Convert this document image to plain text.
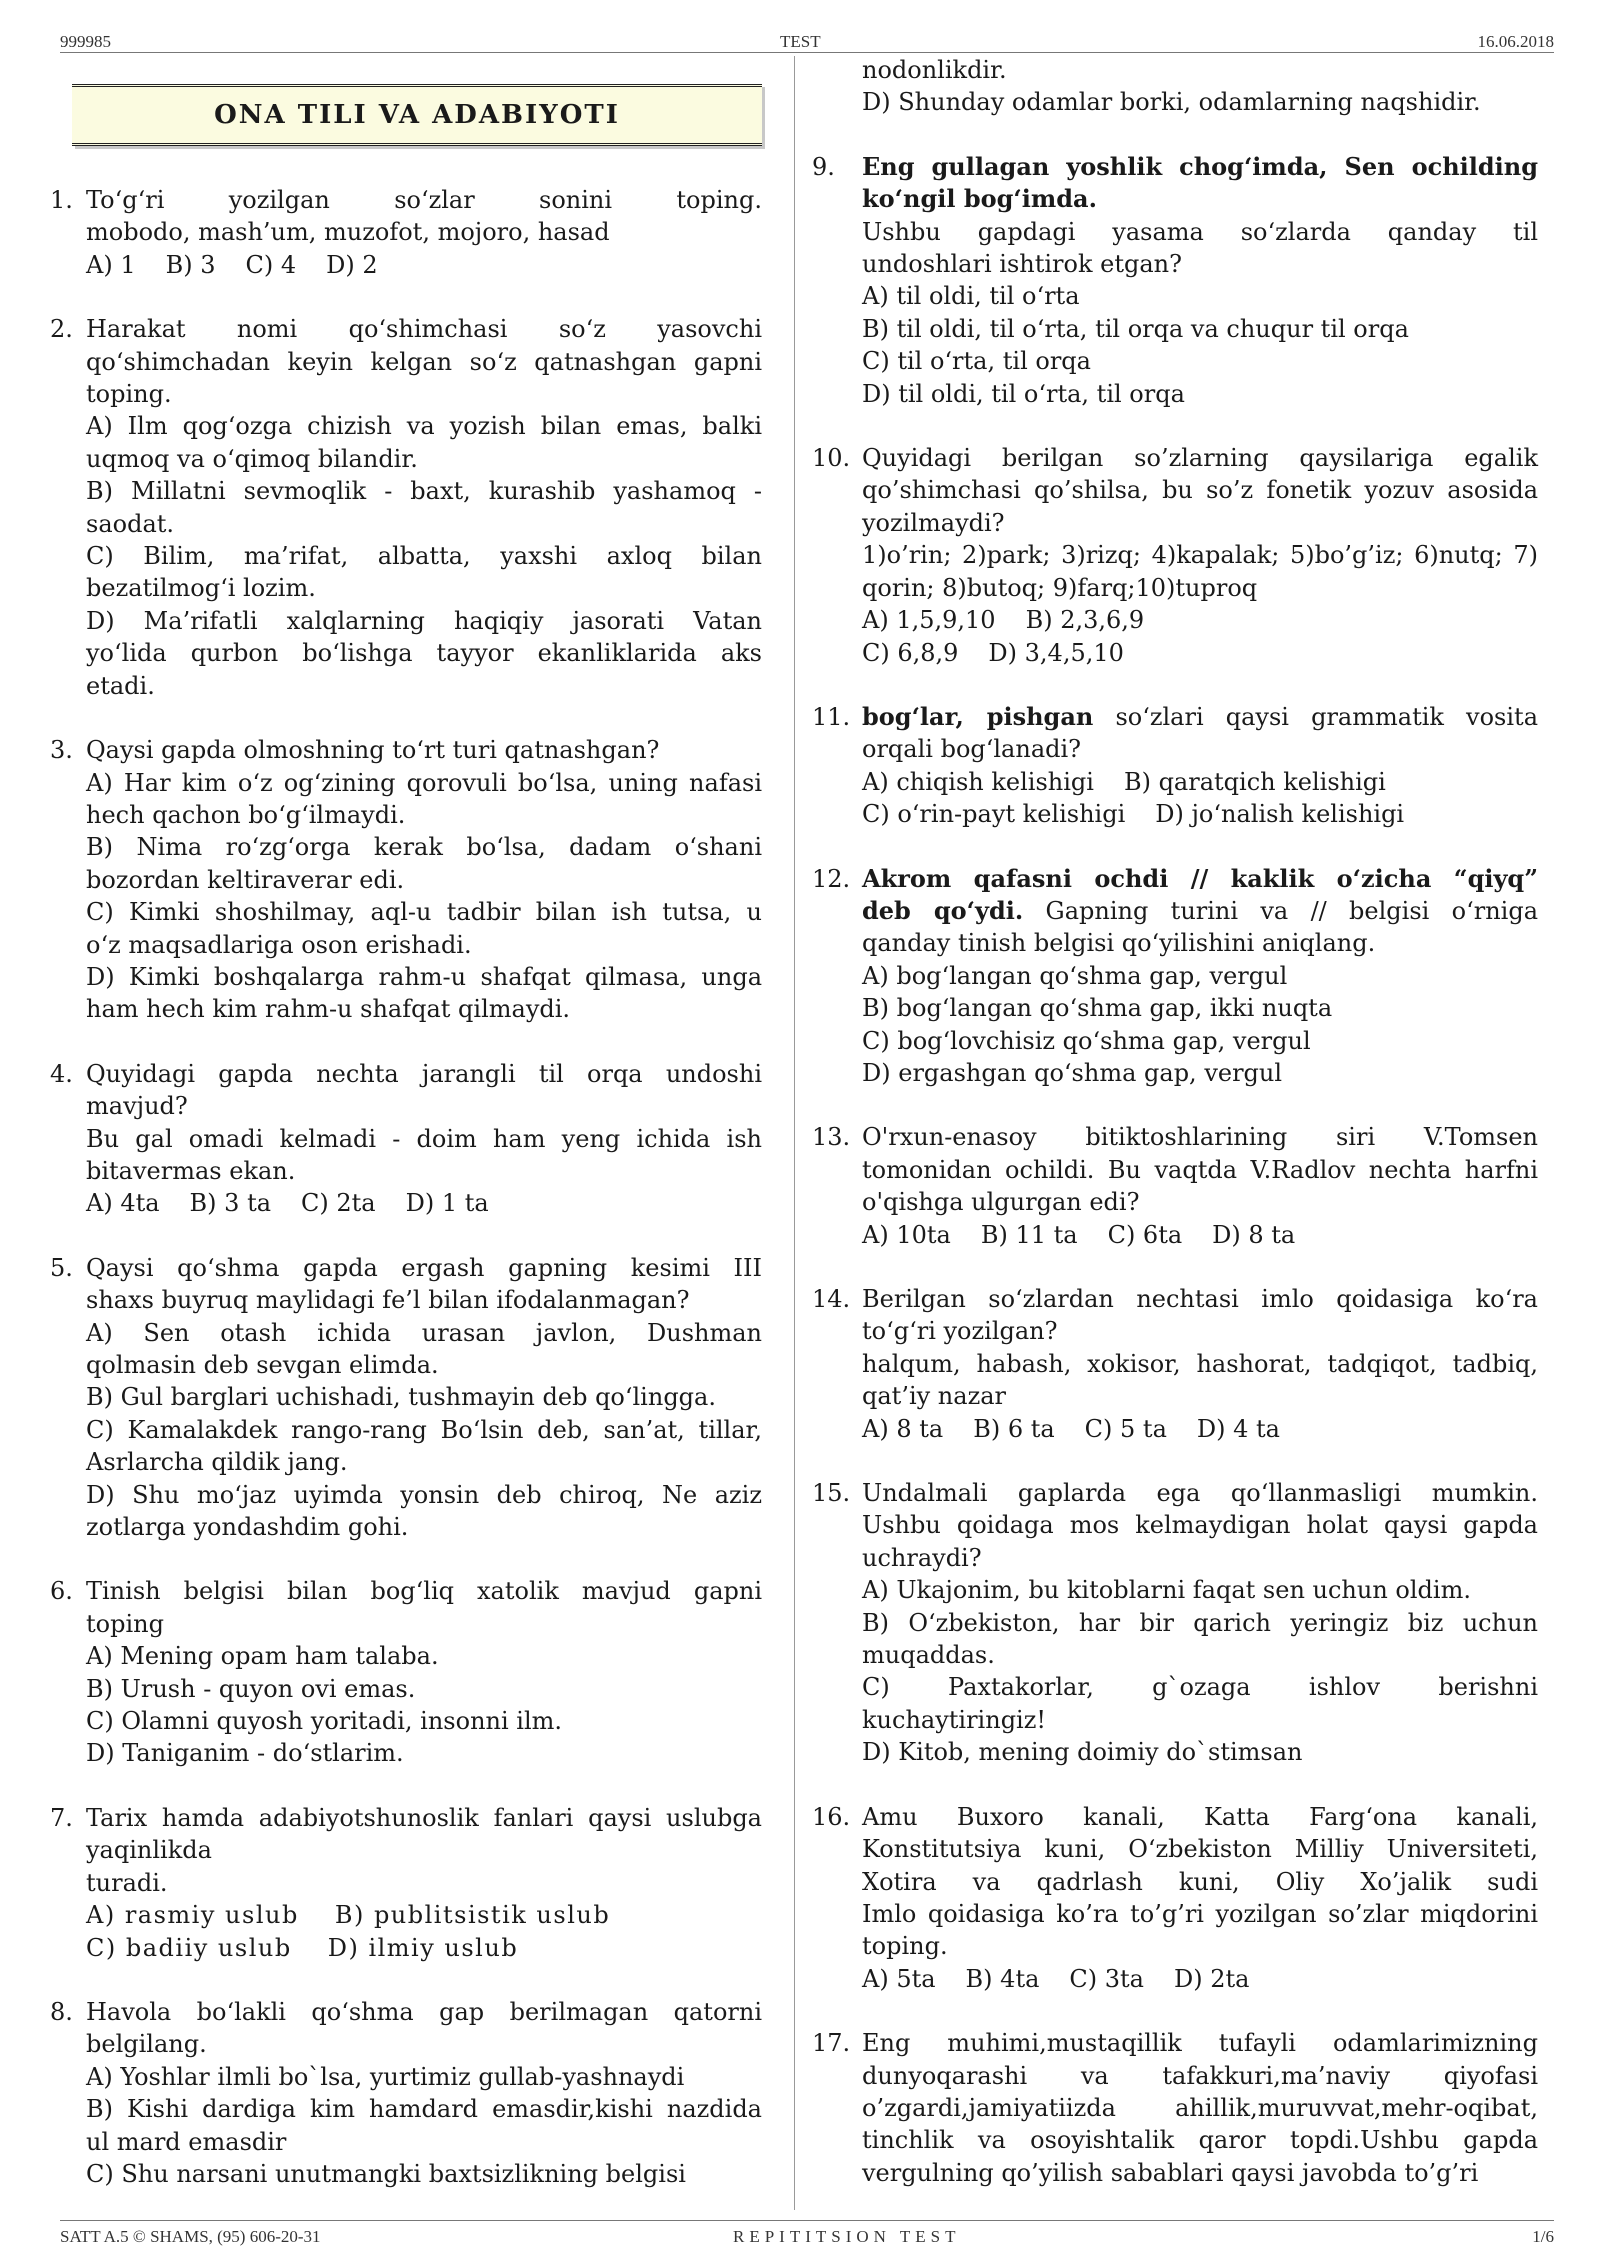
999985	TEST	16.06.2018
ONA TILI VA ADABIYOTI
1. To‘g‘ri yozilgan so‘zlar sonini toping.
mobodo, mash’um, muzofot, mojoro, hasad
A) 1 B) 3 C) 4 D) 2
2. Harakat nomi qo‘shimchasi so‘z yasovchi
qo‘shimchadan keyin kelgan so‘z qatnashgan gapni
toping.
A) Ilm qog‘ozga chizish va yozish bilan emas, balki
uqmoq va o‘qimoq bilandir.
B) Millatni sevmoqlik - baxt, kurashib yashamoq -
saodat.
C) Bilim, ma’rifat, albatta, yaxshi axloq bilan
bezatilmog‘i lozim.
D) Ma’rifatli xalqlarning haqiqiy jasorati Vatan
yo‘lida qurbon bo‘lishga tayyor ekanliklarida aks
etadi.
3. Qaysi gapda olmoshning to‘rt turi qatnashgan?
A) Har kim o‘z og‘zining qorovuli bo‘lsa, uning nafasi
hech qachon bo‘g‘ilmaydi.
B) Nima ro‘zg‘orga kerak bo‘lsa, dadam o‘shani
bozordan keltiraverar edi.
C) Kimki shoshilmay, aql-u tadbir bilan ish tutsa, u
o‘z maqsadlariga oson erishadi.
D) Kimki boshqalarga rahm-u shafqat qilmasa, unga
ham hech kim rahm-u shafqat qilmaydi.
4. Quyidagi gapda nechta jarangli til orqa undoshi
mavjud?
Bu gal omadi kelmadi - doim ham yeng ichida ish
bitavermas ekan.
A) 4ta B) 3 ta C) 2ta D) 1 ta
5. Qaysi qo‘shma gapda ergash gapning kesimi III
shaxs buyruq maylidagi fe’l bilan ifodalanmagan?
A) Sen otash ichida urasan javlon, Dushman
qolmasin deb sevgan elimda.
B) Gul barglari uchishadi, tushmayin deb qo‘lingga.
C) Kamalakdek rango-rang Bo‘lsin deb, san’at, tillar,
Asrlarcha qildik jang.
D) Shu mo‘jaz uyimda yonsin deb chiroq, Ne aziz
zotlarga yondashdim gohi.
6. Tinish belgisi bilan bog‘liq xatolik mavjud gapni
toping
A) Mening opam ham talaba.
B) Urush - quyon ovi emas.
C) Olamni quyosh yoritadi, insonni ilm.
D) Taniganim - do‘stlarim.
7. Tarix hamda adabiyotshunoslik fanlari qaysi uslubga
yaqinlikda
turadi.
A) rasmiy uslub B) publitsistik uslub
C) badiiy uslub D) ilmiy uslub
8. Havola bo‘lakli qo‘shma gap berilmagan qatorni
belgilang.
A) Yoshlar ilmli bo`lsa, yurtimiz gullab-yashnaydi
B) Kishi dardiga kim hamdard emasdir,kishi nazdida
ul mard emasdir
C) Shu narsani unutmangki baxtsizlikning belgisi
nodonlikdir.
D) Shunday odamlar borki, odamlarning naqshidir.
9. Eng gullagan yoshlik chog‘imda, Sen ochilding
ko‘ngil bog‘imda.
Ushbu gapdagi yasama so‘zlarda qanday til
undoshlari ishtirok etgan?
A) til oldi, til o‘rta
B) til oldi, til o‘rta, til orqa va chuqur til orqa
C) til o‘rta, til orqa
D) til oldi, til o‘rta, til orqa
10. Quyidagi berilgan so’zlarning qaysilariga egalik
qo’shimchasi qo’shilsa, bu so’z fonetik yozuv asosida
yozilmaydi?
1)o’rin; 2)park; 3)rizq; 4)kapalak; 5)bo’g’iz; 6)nutq; 7)
qorin; 8)butoq; 9)farq;10)tuproq
A) 1,5,9,10 B) 2,3,6,9
C) 6,8,9 D) 3,4,5,10
11. bog‘lar, pishgan so‘zlari qaysi grammatik vosita
orqali bog‘lanadi?
A) chiqish kelishigi B) qaratqich kelishigi
C) o‘rin-payt kelishigi D) jo‘nalish kelishigi
12. Akrom qafasni ochdi // kaklik o‘zicha “qiyq”
deb qo‘ydi. Gapning turini va // belgisi o‘rniga
qanday tinish belgisi qo‘yilishini aniqlang.
A) bog‘langan qo‘shma gap, vergul
B) bog‘langan qo‘shma gap, ikki nuqta
C) bog‘lovchisiz qo‘shma gap, vergul
D) ergashgan qo‘shma gap, vergul
13. O'rxun-enasoy bitiktoshlarining siri V.Tomsen
tomonidan ochildi. Bu vaqtda V.Radlov nechta harfni
o'qishga ulgurgan edi?
A) 10ta B) 11 ta C) 6ta D) 8 ta
14. Berilgan so‘zlardan nechtasi imlo qoidasiga ko‘ra
to‘g‘ri yozilgan?
halqum, habash, xokisor, hashorat, tadqiqot, tadbiq,
qat’iy nazar
A) 8 ta B) 6 ta C) 5 ta D) 4 ta
15. Undalmali gaplarda ega qo‘llanmasligi mumkin.
Ushbu qoidaga mos kelmaydigan holat qaysi gapda
uchraydi?
A) Ukajonim, bu kitoblarni faqat sen uchun oldim.
B) O‘zbekiston, har bir qarich yeringiz biz uchun
muqaddas.
C) Paxtakorlar, g`ozaga ishlov berishni
kuchaytiringiz!
D) Kitob, mening doimiy do`stimsan
16. Amu Buxoro kanali, Katta Farg‘ona kanali,
Konstitutsiya kuni, O‘zbekiston Milliy Universiteti,
Xotira va qadrlash kuni, Oliy Xo’jalik sudi
Imlo qoidasiga ko’ra to’g’ri yozilgan so’zlar miqdorini
toping.
A) 5ta B) 4ta C) 3ta D) 2ta
17. Eng muhimi,mustaqillik tufayli odamlarimizning
dunyoqarashi va tafakkuri,ma’naviy qiyofasi
o’zgardi,jamiyatiizda ahillik,muruvvat,mehr-oqibat,
tinchlik va osoyishtalik qaror topdi.Ushbu gapda
vergulning qo’yilish sabablari qaysi javobda to’g’ri
SATT A.5 © SHAMS, (95) 606-20-31	REPITITSION TEST	1/6
